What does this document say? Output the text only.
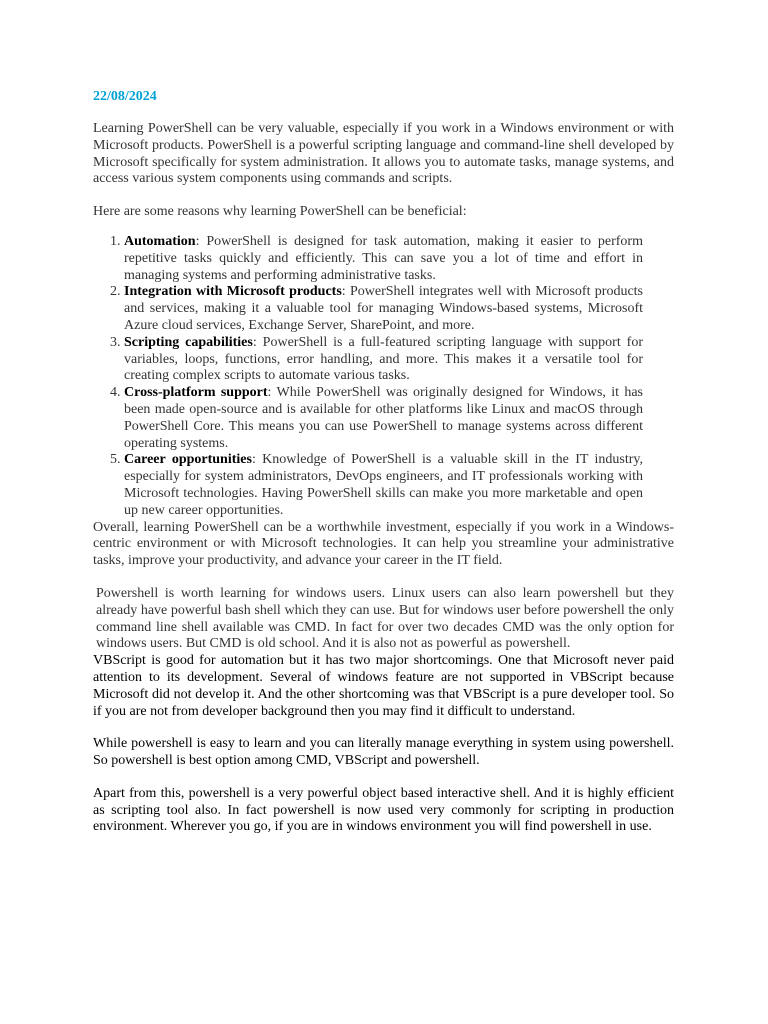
22/08/2024

Learning PowerShell can be very valuable, especially if you work in a Windows environment or with Microsoft products. PowerShell is a powerful scripting language and command-line shell developed by Microsoft specifically for system administration. It allows you to automate tasks, manage systems, and access various system components using commands and scripts.

Here are some reasons why learning PowerShell can be beneficial:

1. Automation: PowerShell is designed for task automation, making it easier to perform repetitive tasks quickly and efficiently. This can save you a lot of time and effort in managing systems and performing administrative tasks.
2. Integration with Microsoft products: PowerShell integrates well with Microsoft products and services, making it a valuable tool for managing Windows-based systems, Microsoft Azure cloud services, Exchange Server, SharePoint, and more.
3. Scripting capabilities: PowerShell is a full-featured scripting language with support for variables, loops, functions, error handling, and more. This makes it a versatile tool for creating complex scripts to automate various tasks.
4. Cross-platform support: While PowerShell was originally designed for Windows, it has been made open-source and is available for other platforms like Linux and macOS through PowerShell Core. This means you can use PowerShell to manage systems across different operating systems.
5. Career opportunities: Knowledge of PowerShell is a valuable skill in the IT industry, especially for system administrators, DevOps engineers, and IT professionals working with Microsoft technologies. Having PowerShell skills can make you more marketable and open up new career opportunities.

Overall, learning PowerShell can be a worthwhile investment, especially if you work in a Windows-centric environment or with Microsoft technologies. It can help you streamline your administrative tasks, improve your productivity, and advance your career in the IT field.

Powershell is worth learning for windows users. Linux users can also learn powershell but they already have powerful bash shell which they can use. But for windows user before powershell the only command line shell available was CMD. In fact for over two decades CMD was the only option for windows users. But CMD is old school. And it is also not as powerful as powershell.

VBScript is good for automation but it has two major shortcomings. One that Microsoft never paid attention to its development. Several of windows feature are not supported in VBScript because Microsoft did not develop it. And the other shortcoming was that VBScript is a pure developer tool. So if you are not from developer background then you may find it difficult to understand.

While powershell is easy to learn and you can literally manage everything in system using powershell. So powershell is best option among CMD, VBScript and powershell.

Apart from this, powershell is a very powerful object based interactive shell. And it is highly efficient as scripting tool also. In fact powershell is now used very commonly for scripting in production environment. Wherever you go, if you are in windows environment you will find powershell in use.
